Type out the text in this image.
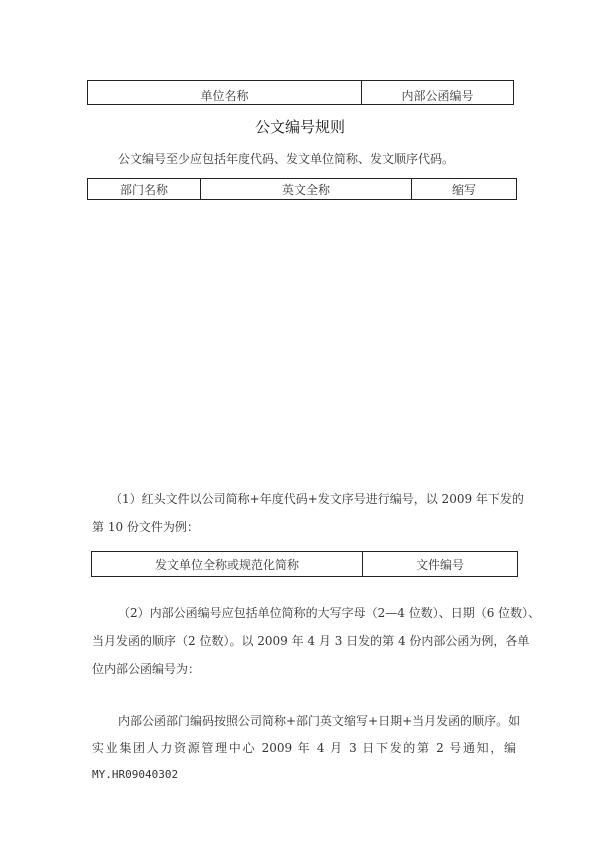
单位名称	内部公函编号
公文编号规则
公文编号至少应包括年度代码、发文单位简称、发文顺序代码。
部门名称	英文全称	缩写
（1）红头文件以公司简称+年度代码+发文序号进行编号，以 2009 年下发的
第 10 份文件为例：
发文单位全称或规范化简称	文件编号
（2）内部公函编号应包括单位简称的大写字母（2—4 位数）、日期（6 位数）、
当月发函的顺序（2 位数）。以 2009 年 4 月 3 日发的第 4 份内部公函为例，各单
位内部公函编号为：
内部公函部门编码按照公司简称+部门英文缩写+日期+当月发函的顺序。如
实业集团人力资源管理中心 2009 年 4 月 3 日下发的第 2 号通知，编
MY.HR09040302
